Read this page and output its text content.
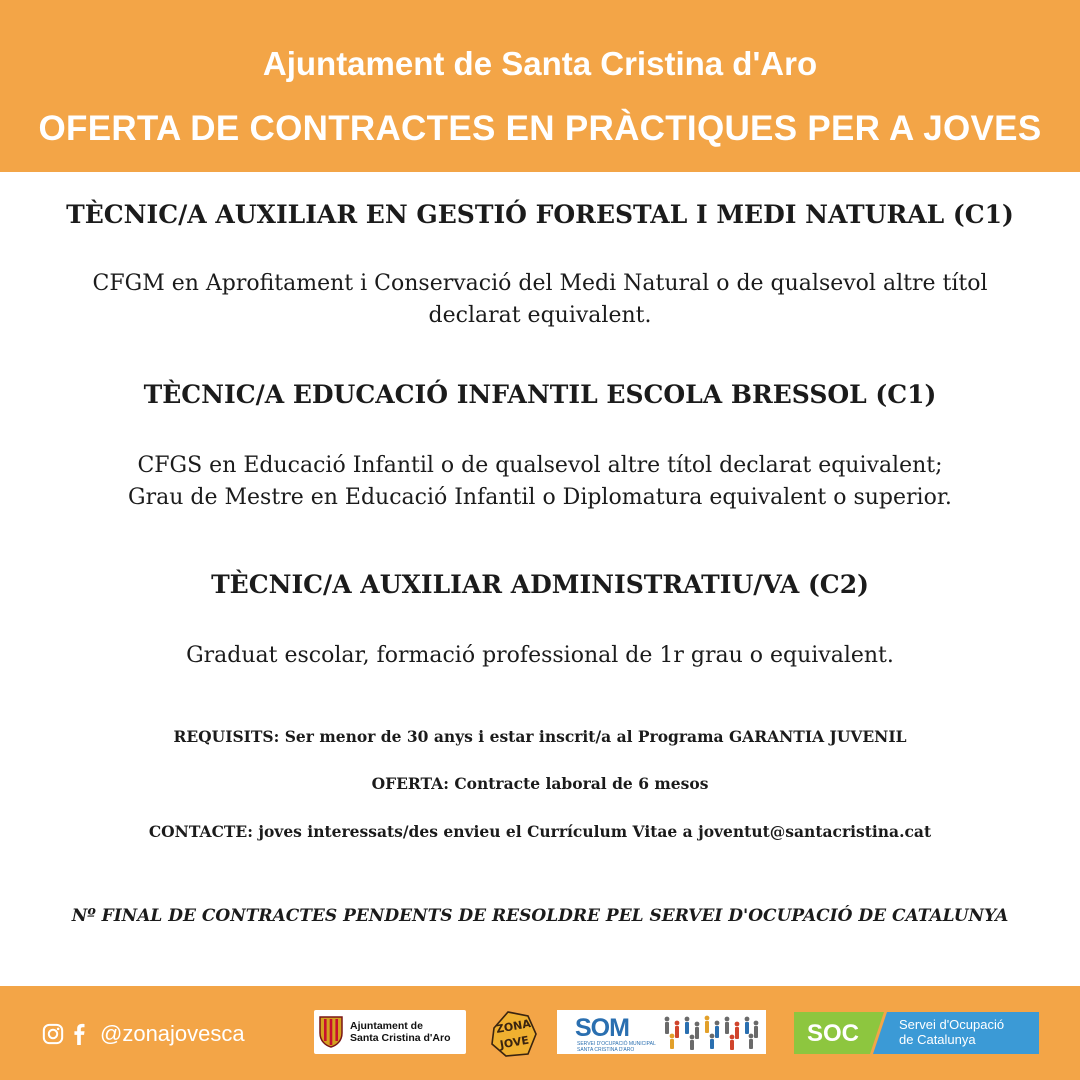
Ajuntament de Santa Cristina d'Aro
OFERTA DE CONTRACTES EN PRÀCTIQUES PER A JOVES
TÈCNIC/A AUXILIAR EN GESTIÓ FORESTAL I MEDI NATURAL (C1)
CFGM en Aprofitament i Conservació del Medi Natural o de qualsevol altre títol
declarat equivalent.
TÈCNIC/A EDUCACIÓ INFANTIL ESCOLA BRESSOL (C1)
CFGS en Educació Infantil o de qualsevol altre títol declarat equivalent;
Grau de Mestre en Educació Infantil o Diplomatura equivalent o superior.
TÈCNIC/A AUXILIAR ADMINISTRATIU/VA (C2)
Graduat escolar, formació professional de 1r grau o equivalent.
REQUISITS: Ser menor de 30 anys i estar inscrit/a al Programa GARANTIA JUVENIL
OFERTA: Contracte laboral de 6 mesos
CONTACTE: joves interessats/des envieu el Currículum Vitae a joventut@santacristina.cat
Nº FINAL DE CONTRACTES PENDENTS DE RESOLDRE PEL SERVEI D'OCUPACIÓ DE CATALUNYA
@zonajovesca	Ajuntament de
Santa Cristina d'Aro
ZONA
JOVE
SOM
SERVEI D'OCUPACIÓ MUNICIPAL
SANTA CRISTINA D'ARO
SOC	Servei d'Ocupació
de Catalunya
